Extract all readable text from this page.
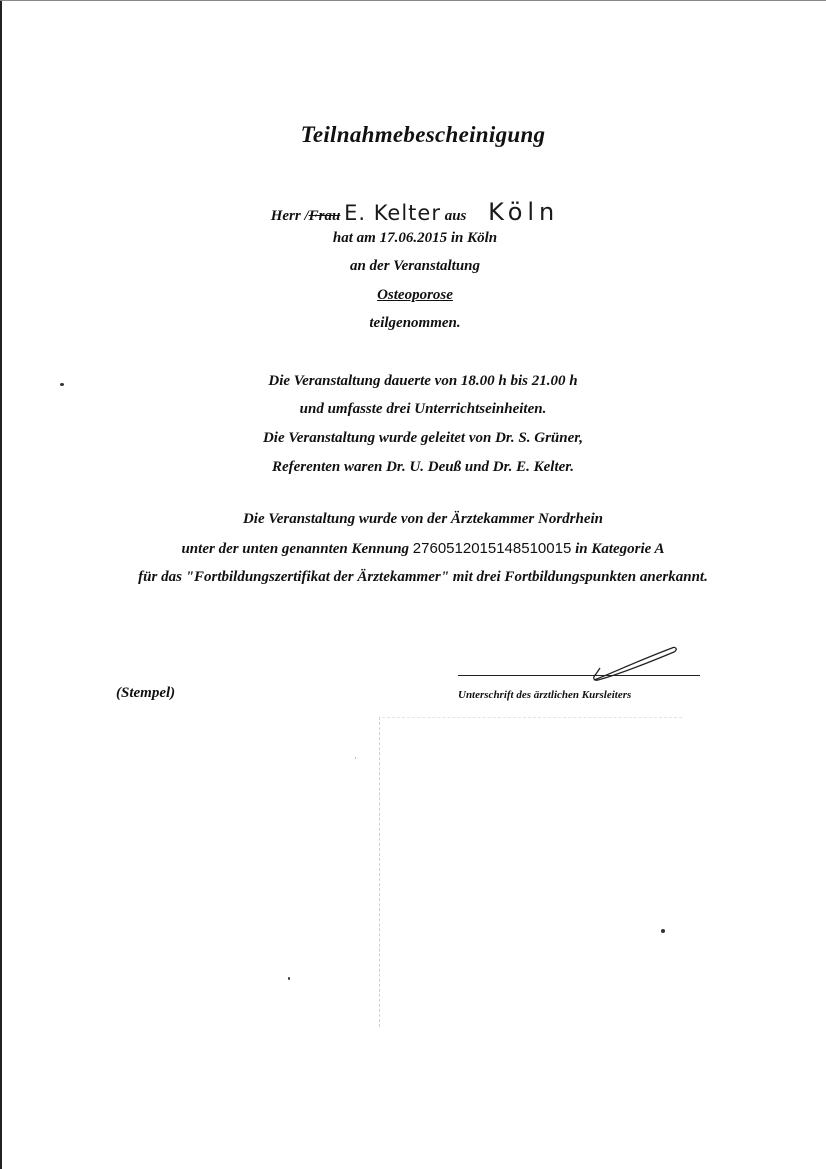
Teilnahmebescheinigung
Herr /Frau E. Kelter aus Köln
hat am 17.06.2015 in Köln
an der Veranstaltung
Osteoporose
teilgenommen.
Die Veranstaltung dauerte von 18.00 h bis 21.00 h
und umfasste drei Unterrichtseinheiten.
Die Veranstaltung wurde geleitet von Dr. S. Grüner,
Referenten waren Dr. U. Deuß und Dr. E. Kelter.
Die Veranstaltung wurde von der Ärztekammer Nordrhein
unter der unten genannten Kennung 2760512015148510015 in Kategorie A
für das "Fortbildungszertifikat der Ärztekammer" mit drei Fortbildungspunkten anerkannt.
(Stempel)	Unterschrift des ärztlichen Kursleiters
